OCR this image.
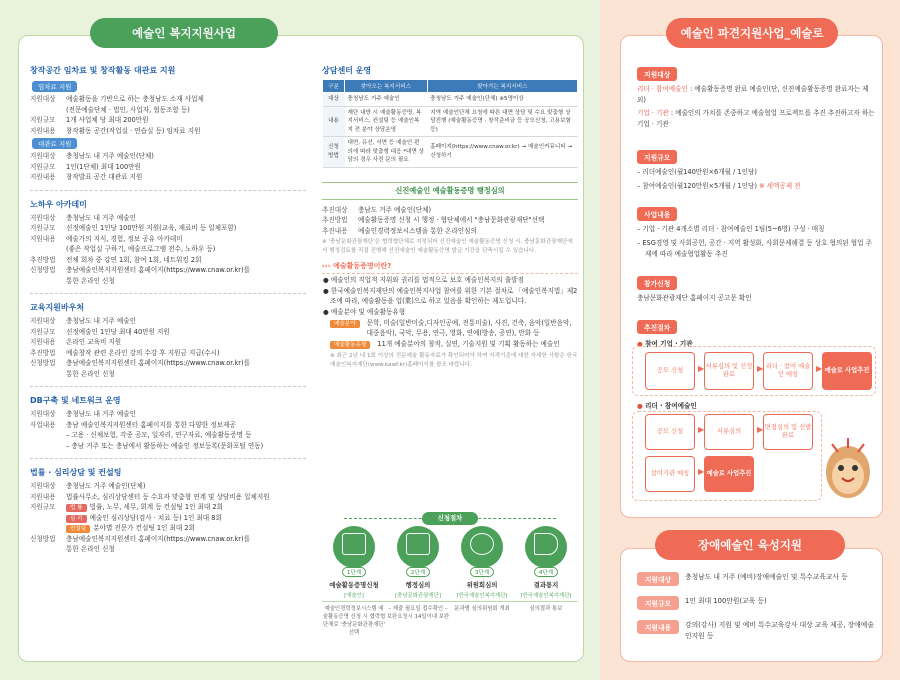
예술인 복지지원사업	예술인 파견지원사업_예술로
장애예술인 육성지원
창작공간 임차료 및 창작활동 대관료 지원
임차료 지원
지원대상	예술활동을 기반으로 하는 충청남도 소재 사업체
(전문예술단체 · 법인, 사업자, 협동조합 등)
지원규모	1개 사업체 당 최대 200만원
지원내용	창작활동 공간(작업실 · 연습실 등) 임차료 지원
대관료 지원
지원대상	충청남도 내 거주 예술인(단체)
지원규모	1인(1단체) 최대 100만원
지원내용	창작발표 공간 대관료 지원
노하우 아카데미
지원대상	충청남도 내 거주 예술인
지원규모	선정예술인 1인당 100만원 지원(교육, 재료비 등 일체포함)
지원내용	예술가의 지식, 경험, 정보 공유 아카데미
(좋은 작업실 구하기, 예술프로그램 전수, 노하우 등)
추진방법	전체 회차 중 강연 1회, 참여 1회, 네트워킹 2회
신청방법	충남예술인복지지원센터 홈페이지(https://www.cnaw.or.kr)를
통한 온라인 신청
교육지원바우처
지원대상	충청남도 내 거주 예술인
지원규모	선정예술인 1인당 최대 40만원 지원
지원내용	온라인 교육비 지원
추진방법	예술창작 관련 온라인 강의 수강 후 지원금 지급(수시)
신청방법	충남예술인복지지원센터 홈페이지(https://www.cnaw.or.kr)를
통한 온라인 신청
DB구축 및 네트워크 운영
지원대상	충청남도 내 거주 예술인
사업내용	충남 예술인복지지원센터 홈페이지를 통한 다양한 정보제공
– 고용 · 신체보험, 각종 공모, 일자리, 연구자료, 예술활동증명 등
– 충남 거주 또는 충남에서 활동하는 예술인 정보등록(문화포털 연동)
법률 · 심리상담 및 컨설팅
지원대상	충청남도 거주 예술인(단체)
지원내용	법률사무소, 심리상담센터 등 수요자 맞춤형 연계 및 상담비용 일체지원
지원규모	법 률 법률, 노무, 세무, 회계 등 컨설팅 1인 최대 2회
심 리 예술인 심리상담(검사 · 치료 등) 1인 최대 8회
컨설팅 분야별 전문가 컨설팅 1인 최대 2회
신청방법	충남예술인복지지원센터 홈페이지(https://www.cnaw.or.kr)를
통한 온라인 신청
상담센터 운영
구분	찾아오는 복지서비스	찾아가는 복지서비스
대상	충청남도 거주 예술인	충청남도 거주 예술인(단체) ※5명이상
내용	재단 내방 시 예술활동증명, 복지서비스, 컨설팅 등 예술인복지 전 분야 상담운영	지역 예술인단체 요청에 따른 대면 상담 및 수요 맞춤형 상담진행 (예술활동증명 · 창작준비금 등 공모신청, 고용보험 등)
신청방법	대면, 유선, 서면 등 예술인 편의에 따라 맞춤형 대응 *대면 상담의 경우 사전 문의 필요	홈페이지(https://www.cnaw.or.kr) → 예술인커뮤니티 → 신청하기
신진예술인 예술활동증명 행정심의
추진대상	충남도 거주 예술인(단체)
추진방법	예술활동증명 신청 시 행정 · 협단체에서 "충남문화관광재단"선택
추진내용	예술인경력정보시스템을 통한 온라인심의
※ '충남문화관광재단'은 협력협단체로 지정되어 신진예술인 예술활동증명 신청 시, 충남문화관광재단에서 행정검토를 직접 진행해 신진예술인 예술활동증명 발급 기간을 단축시킬 수 있습니다.
››› 예술활동증명이란?
● 예술인의 직업적 지위와 권리를 법적으로 보호 예술인복지의 출발점
● 한국예술인복지재단의 예술인복지사업 참여를 위한 기본 절차로 「예술인복지법」제2조에 따라, 예술활동을 업(業)으로 하고 있음을 확인하는 제도입니다.
● 예술분야 및 예술활동유형
예술분야	문학, 미술(일반미술,디자인공예, 전통미술), 사진, 건축, 음악(일반음악, 대중음악), 국악, 무용, 연극, 영화, 연예(방송, 공연), 만화 등
예술활동유형	11개 예술분야의 창작, 실연, 기술지원 및 기획 활동하는 예술인
※ 최근 2년 내 1회 이상의 전문예술 활동자료가 확인되어야 하며 자격기준에 대한 자세한 사항은 한국예술인복지재단(www.kawf.kr)홈페이지를 참조 바랍니다.
신청절차
1단계
예술활동증명신청
[예술인]
예술인경력정보시스템 예술활동증명 신청 시 협력협단체로 '충남문화관광재단' 선택
2단계
행정심의
[충남문화관광재단]
– 제출 필요일 접수확인 – 보완요청시 14일이내 보완
3단계
위원회심의
[한국예술인복지재단]
분과별 심의위원회 개최
4단계
결과통지
[한국예술인복지재단]
심의결과 통보
지원대상
리더 · 참여예술인 : 예술활동증명 완료 예술인(단, 신진예술활동증명 완료자는 제외)
기업 · 기관 : 예술인의 가치를 존중하고 예술협업 프로젝트를 추진 추진하고자 하는 기업 · 기관
지원규모
– 리더예술인(월140만원×6개월 / 1인당)
– 참여예술인(월120만원×5개월 / 1인당) ※ 세액공제 전
사업내용
– 기업 · 기관 4개소별 리더 · 참여예술인 1팀(5~6명) 구성 · 매칭
– ESG경영 및 사회공헌, 공간 · 지역 활성화, 사회문제해결 등 상호 협의된 협업 주제에 따라 예술협업활동 추진
참가신청
충남문화관광재단 홈페이지 공고문 확인
추진절차
● 참여 기업 · 기관
공모 신청	▶ 서류심의 및 선정 완료
▶ 리더 · 참여 예술인 매칭
▶ 예술로 사업추진
● 리더 · 참여예술인
공모 신청	▶	서류심의	▶ 면접심의 및 선발완료
참여기관 매칭	▶ 예술로 사업추진
지원대상	충청남도 내 거주 (예비)장애예술인 및 특수교육교사 등
지원규모	1인 최대 100만원(교육 등)
지원내용	강의(강사) 지원 및 예비 특수교육강사 대상 교육 제공, 장애예술인지원 등
